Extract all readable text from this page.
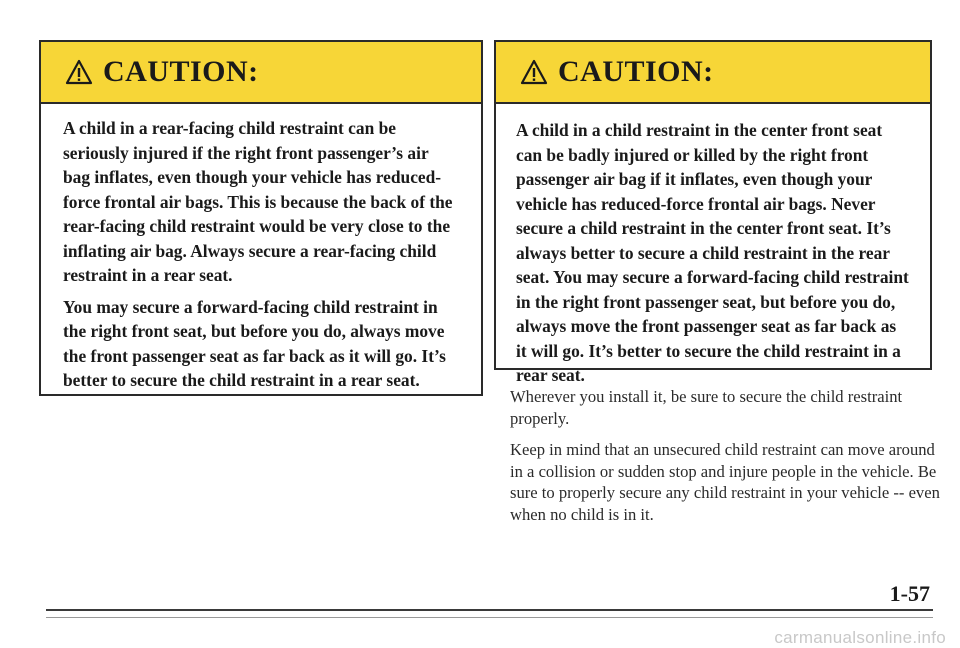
CAUTION:

A child in a rear-facing child restraint can be seriously injured if the right front passenger’s air bag inflates, even though your vehicle has reduced-force frontal air bags. This is because the back of the rear-facing child restraint would be very close to the inflating air bag. Always secure a rear-facing child restraint in a rear seat.

You may secure a forward-facing child restraint in the right front seat, but before you do, always move the front passenger seat as far back as it will go. It’s better to secure the child restraint in a rear seat.

CAUTION:

A child in a child restraint in the center front seat can be badly injured or killed by the right front passenger air bag if it inflates, even though your vehicle has reduced-force frontal air bags. Never secure a child restraint in the center front seat. It’s always better to secure a child restraint in the rear seat. You may secure a forward-facing child restraint in the right front passenger seat, but before you do, always move the front passenger seat as far back as it will go. It’s better to secure the child restraint in a rear seat.

Wherever you install it, be sure to secure the child restraint properly.

Keep in mind that an unsecured child restraint can move around in a collision or sudden stop and injure people in the vehicle. Be sure to properly secure any child restraint in your vehicle -- even when no child is in it.

1-57
carmanualsonline.info
